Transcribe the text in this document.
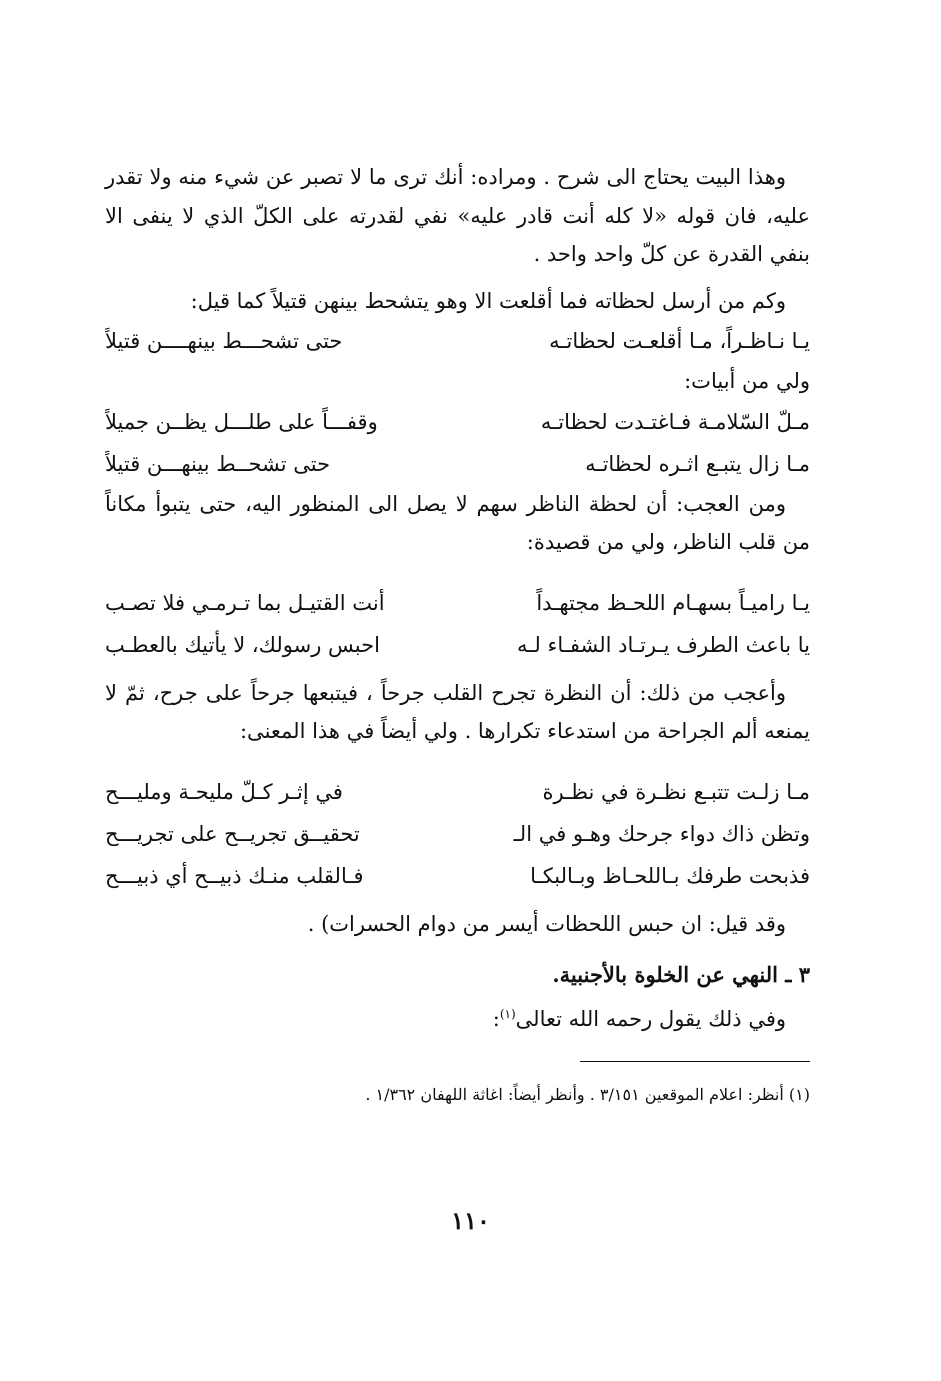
وهذا البيت يحتاج الى شرح . ومراده: أنك ترى ما لا تصبر عن شيء منه ولا تقدر عليه، فان قوله «لا كله أنت قادر عليه» نفي لقدرته على الكلّ الذي لا ينفى الا بنفي القدرة عن كلّ واحد واحد .

وكم من أرسل لحظاته فما أقلعت الا وهو يتشحط بينهن قتيلاً كما قيل:

يـا نـاظـراً، مـا أقلعـت لحظاتـه
حتى تشحـــط بينهــــن قتيلاً

ولي من أبيات:

مـلّ السّلامـة فـاغتـدت لحظاتـه
وقفـــاً على طلـــل يظــن جميلاً
مـا زال يتبـع اثـره لحظاتـه
حتى تشحــط بينهـــن قتيلاً

ومن العجب: أن لحظة الناظر سهم لا يصل الى المنظور اليه، حتى يتبوأ مكاناً من قلب الناظر، ولي من قصيدة:

يـا راميـاً بسهـام اللحـظ مجتهـداً
أنت القتيـل بما تـرمـي فلا تصـب
يا باعث الطرف يـرتـاد الشفـاء لـه
احبس رسولك، لا يأتيك بالعطـب

وأعجب من ذلك: أن النظرة تجرح القلب جرحاً ، فيتبعها جرحاً على جرح، ثمّ لا يمنعه ألم الجراحة من استدعاء تكرارها . ولي أيضاً في هذا المعنى:

مـا زلـت تتبـع نظـرة في نظـرة
في إثـر كـلّ مليحـة ومليـــح
وتظن ذاك دواء جرحك وهـو في الـ
تحقيــق تجريــح على تجريـــح
فذبحت طرفك بـاللحـاظ وبـالبكـا
فـالقلب منـك ذبيــح أي ذبيـــح

وقد قيل: ان حبس اللحظات أيسر من دوام الحسرات) .

٣ ـ النهي عن الخلوة بالأجنبية.

وفي ذلك يقول رحمه الله تعالى$^{(١)}$:

(١) أنظر: اعلام الموقعين ٣/١٥١ . وأنظر أيضاً: اغاثة اللهفان ١/٣٦٢ .
١١٠
